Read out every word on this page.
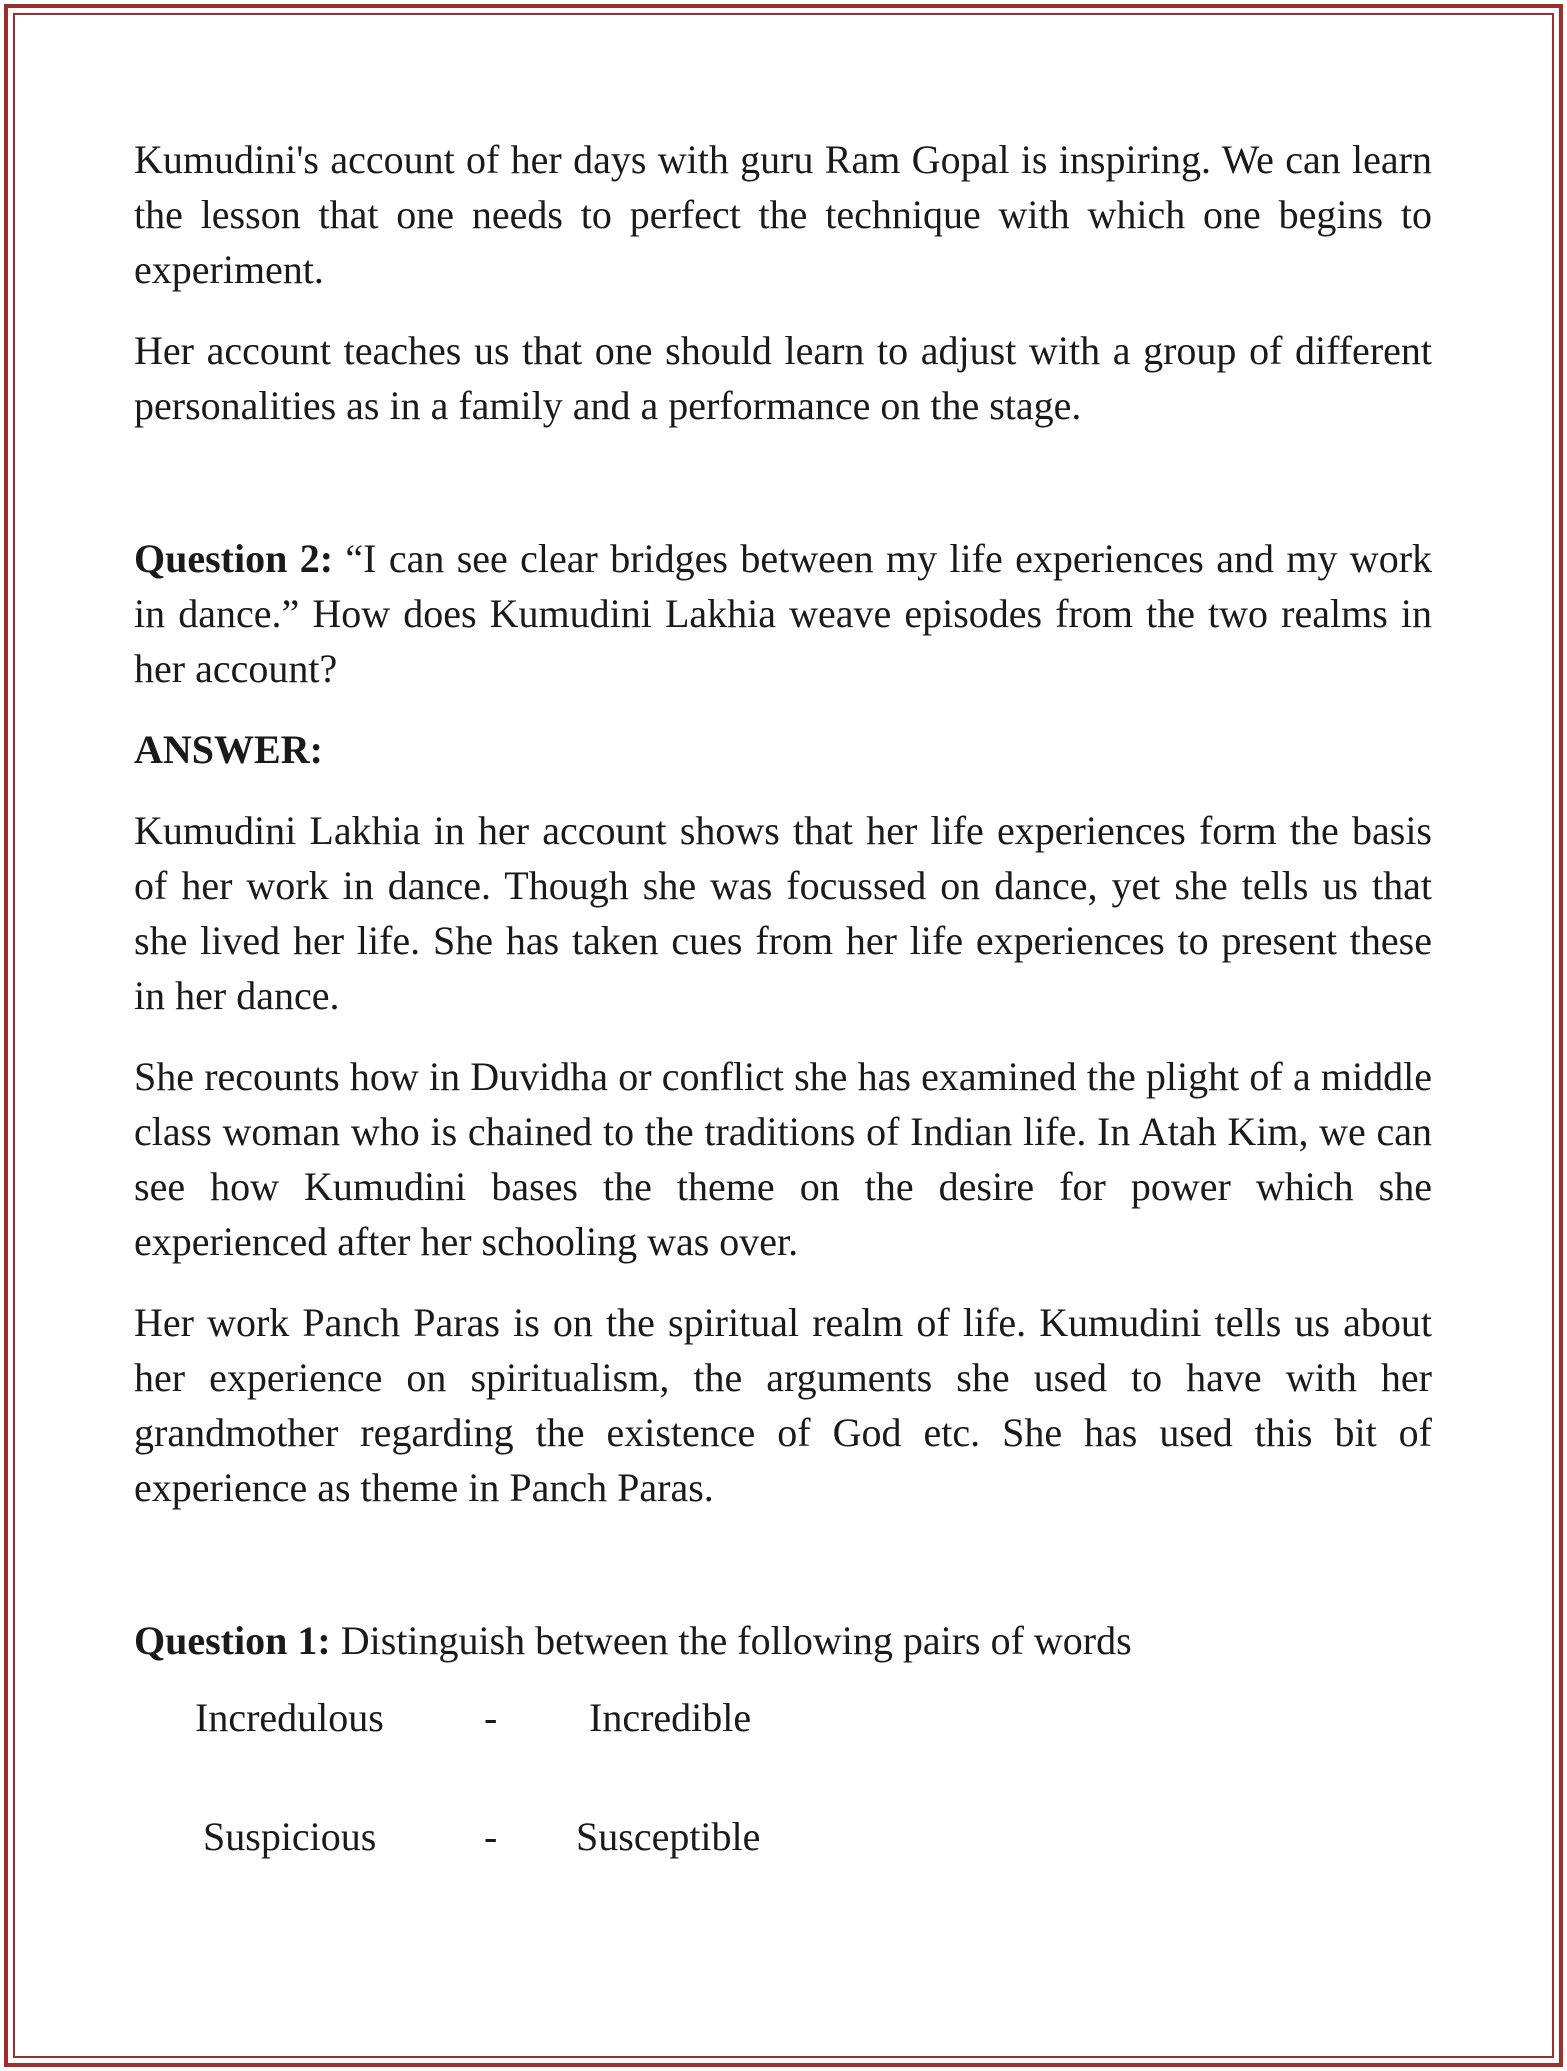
Kumudini's account of her days with guru Ram Gopal is inspiring. We can learn the lesson that one needs to perfect the technique with which one begins to experiment.

Her account teaches us that one should learn to adjust with a group of different personalities as in a family and a performance on the stage.

Question 2: “I can see clear bridges between my life experiences and my work in dance.” How does Kumudini Lakhia weave episodes from the two realms in her account?

ANSWER:

Kumudini Lakhia in her account shows that her life experiences form the basis of her work in dance. Though she was focussed on dance, yet she tells us that she lived her life. She has taken cues from her life experiences to present these in her dance.

She recounts how in Duvidha or conflict she has examined the plight of a middle class woman who is chained to the traditions of Indian life. In Atah Kim, we can see how Kumudini bases the theme on the desire for power which she experienced after her schooling was over.

Her work Panch Paras is on the spiritual realm of life. Kumudini tells us about her experience on spiritualism, the arguments she used to have with her grandmother regarding the existence of God etc. She has used this bit of experience as theme in Panch Paras.

Question 1: Distinguish between the following pairs of words

Incredulous	- Incredible
Suspicious	- Susceptible
